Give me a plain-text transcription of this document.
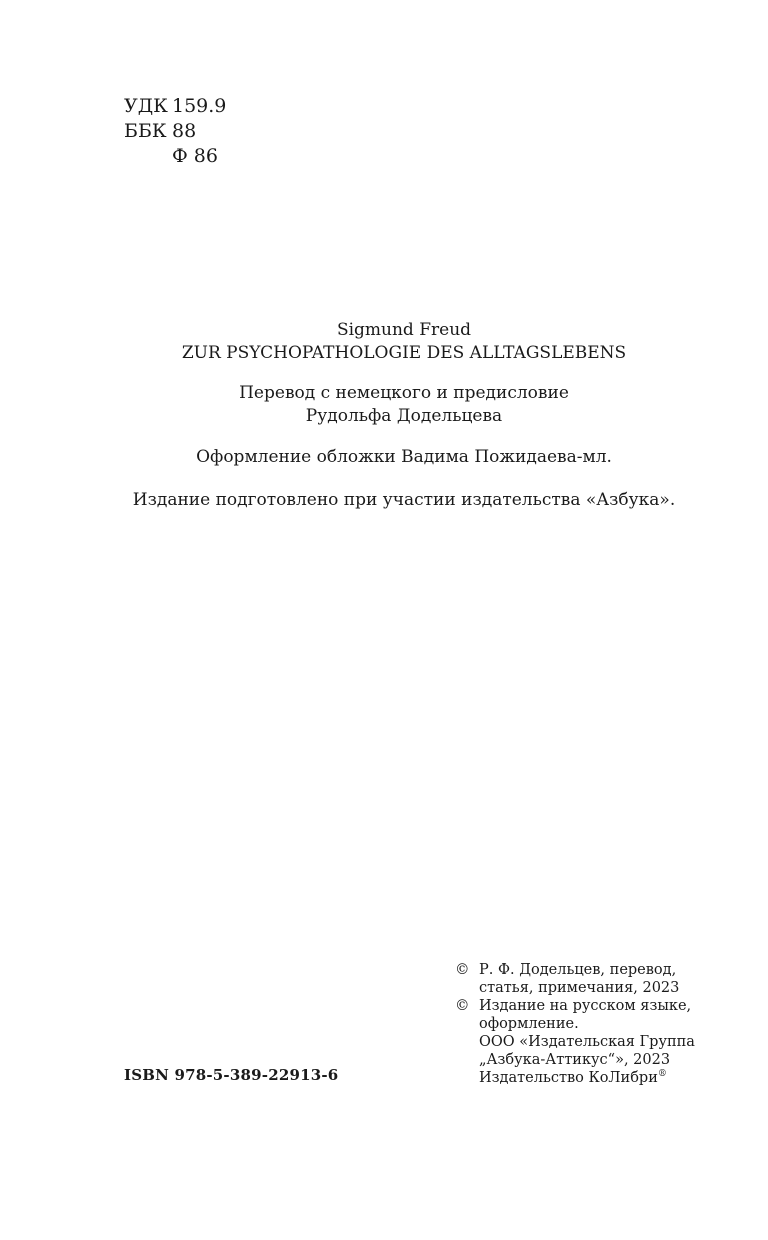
УДК 159.9
ББК 88
Ф 86
Sigmund Freud
ZUR PSYCHOPATHOLOGIE DES ALLTAGSLEBENS
Перевод с немецкого и предисловие
Рудольфа Додельцева
Оформление обложки Вадима Пожидаева-мл.
Издание подготовлено при участии издательства «Азбука».
© Р. Ф. Додельцев, перевод,
статья, примечания, 2023
© Издание на русском языке,
оформление.
ООО «Издательская Группа
„Азбука-Аттикус“», 2023
Издательство КоЛибри®
ISBN 978-5-389-22913-6
